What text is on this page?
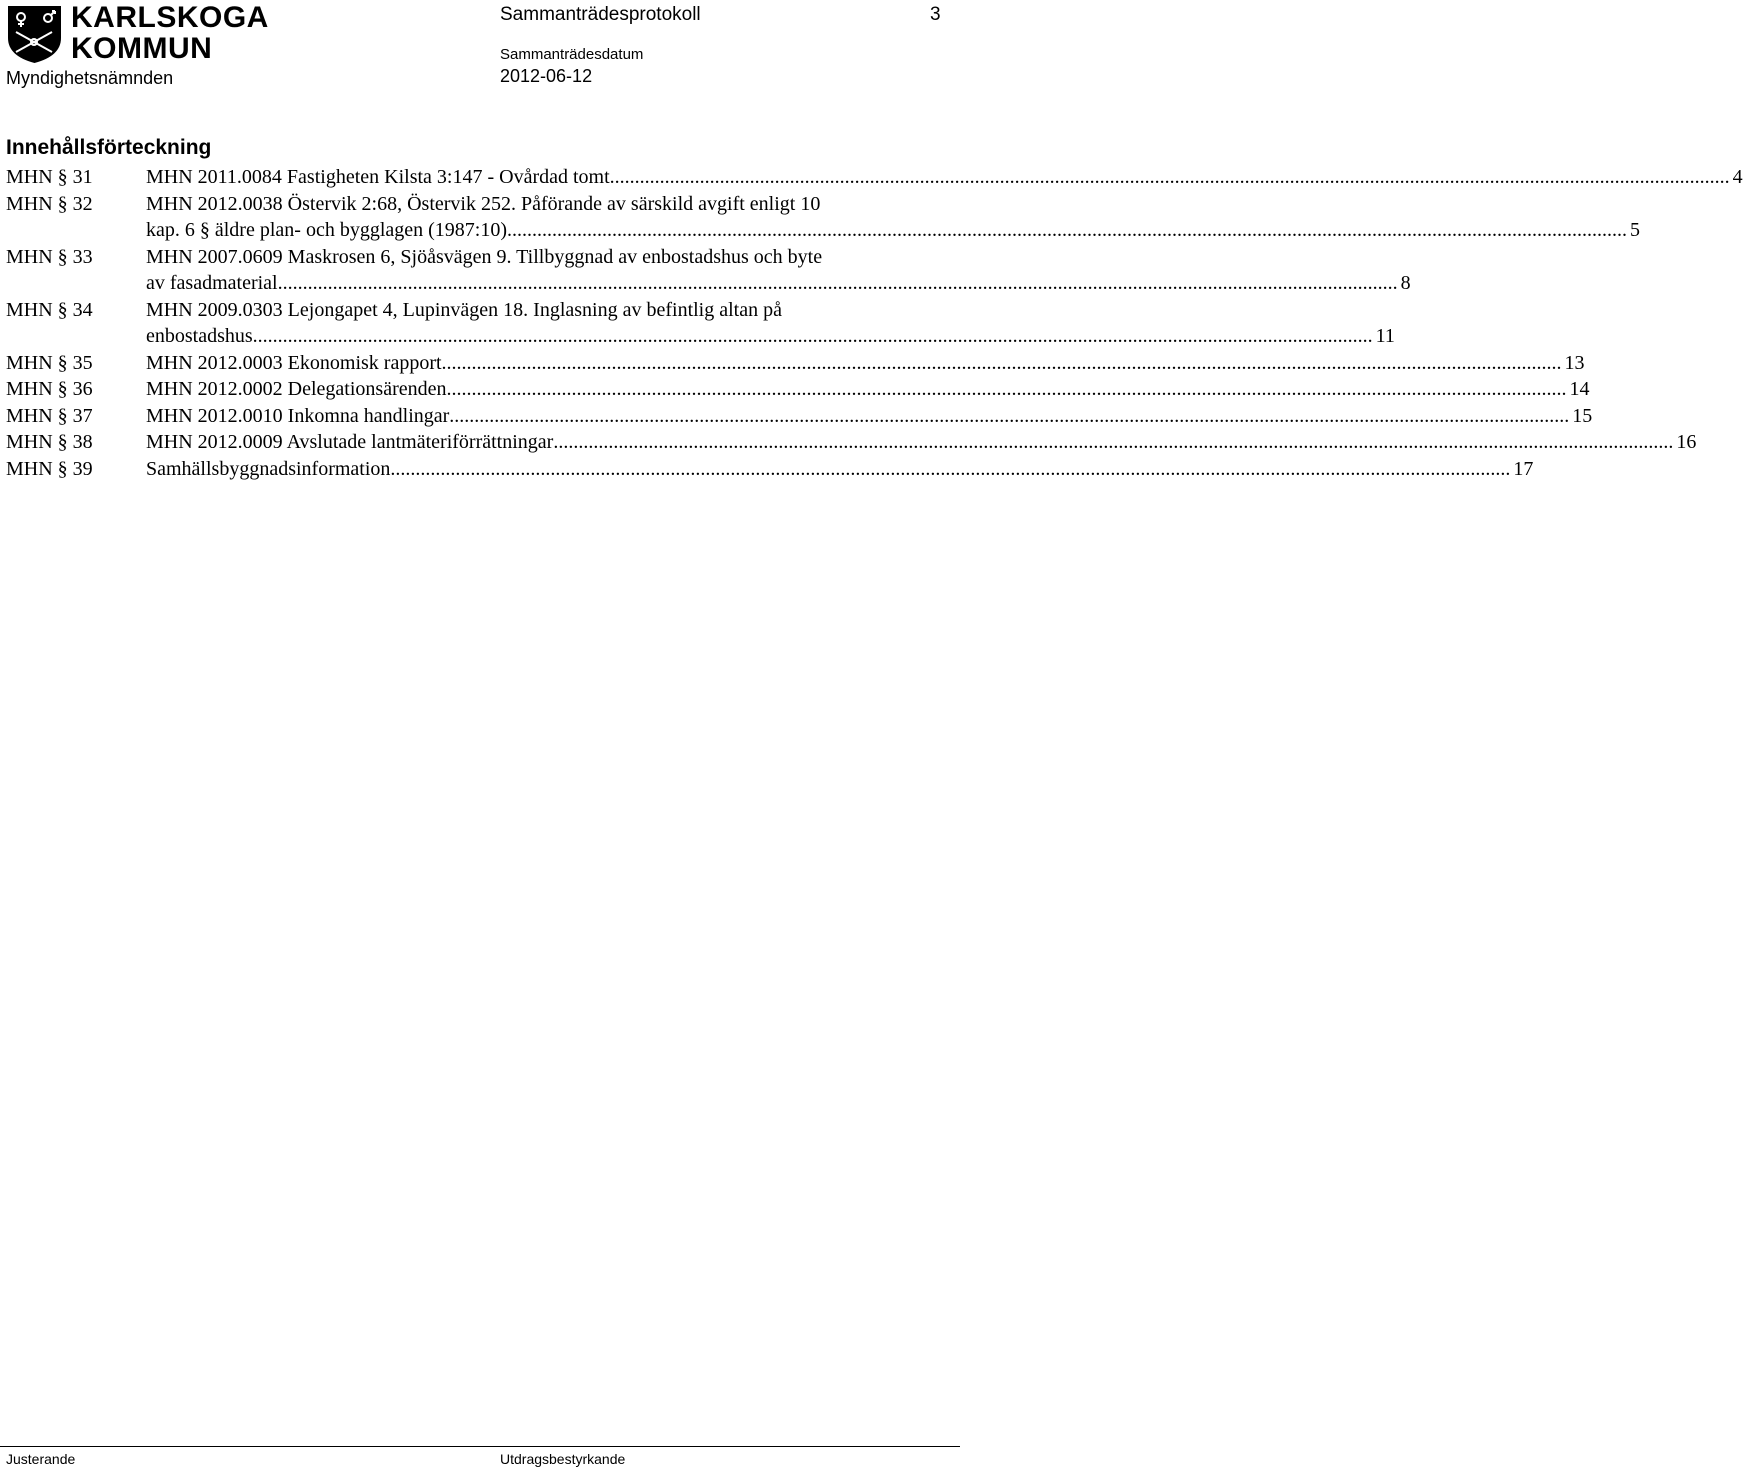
KARLSKOGA
KOMMUN
Myndighetsnämnden
Sammanträdesprotokoll	3
Sammanträdesdatum
2012-06-12
Innehållsförteckning
MHN § 31	MHN 2011.0084 Fastigheten Kilsta 3:147 - Ovårdad tomt .....	4
MHN § 32	MHN 2012.0038 Östervik 2:68, Östervik 252. Påförande av särskild avgift enligt 10
kap. 6 § äldre plan- och bygglagen (1987:10) .....	5
MHN § 33	MHN 2007.0609 Maskrosen 6, Sjöåsvägen 9. Tillbyggnad av enbostadshus och byte
av fasadmaterial .....	8
MHN § 34	MHN 2009.0303 Lejongapet 4, Lupinvägen 18. Inglasning av befintlig altan på
enbostadshus .....	11
MHN § 35	MHN 2012.0003 Ekonomisk rapport .....	13
MHN § 36	MHN 2012.0002 Delegationsärenden .....	14
MHN § 37	MHN 2012.0010 Inkomna handlingar .....	15
MHN § 38	MHN 2012.0009 Avslutade lantmäteriförrättningar .....	16
MHN § 39	Samhällsbyggnadsinformation .....	17
Justerande	Utdragsbestyrkande
